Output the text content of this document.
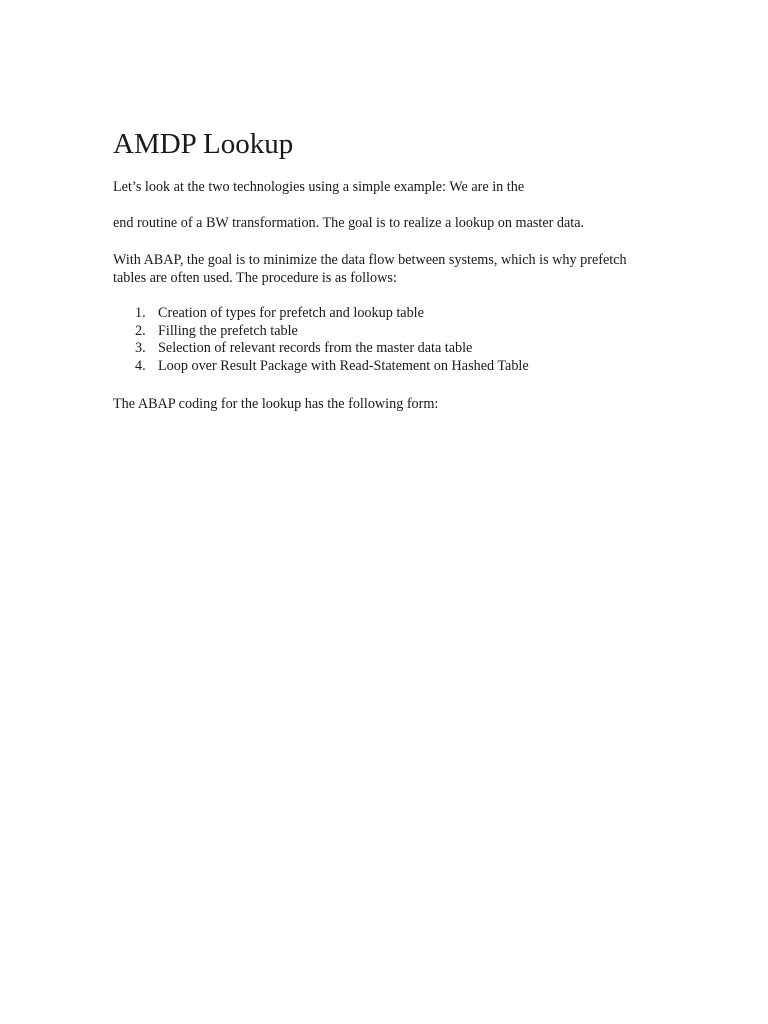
AMDP Lookup

Let’s look at the two technologies using a simple example: We are in the

end routine of a BW transformation. The goal is to realize a lookup on master data.

With ABAP, the goal is to minimize the data flow between systems, which is why prefetch tables are often used. The procedure is as follows:

1. Creation of types for prefetch and lookup table
2. Filling the prefetch table
3. Selection of relevant records from the master data table
4. Loop over Result Package with Read-Statement on Hashed Table

The ABAP coding for the lookup has the following form:
